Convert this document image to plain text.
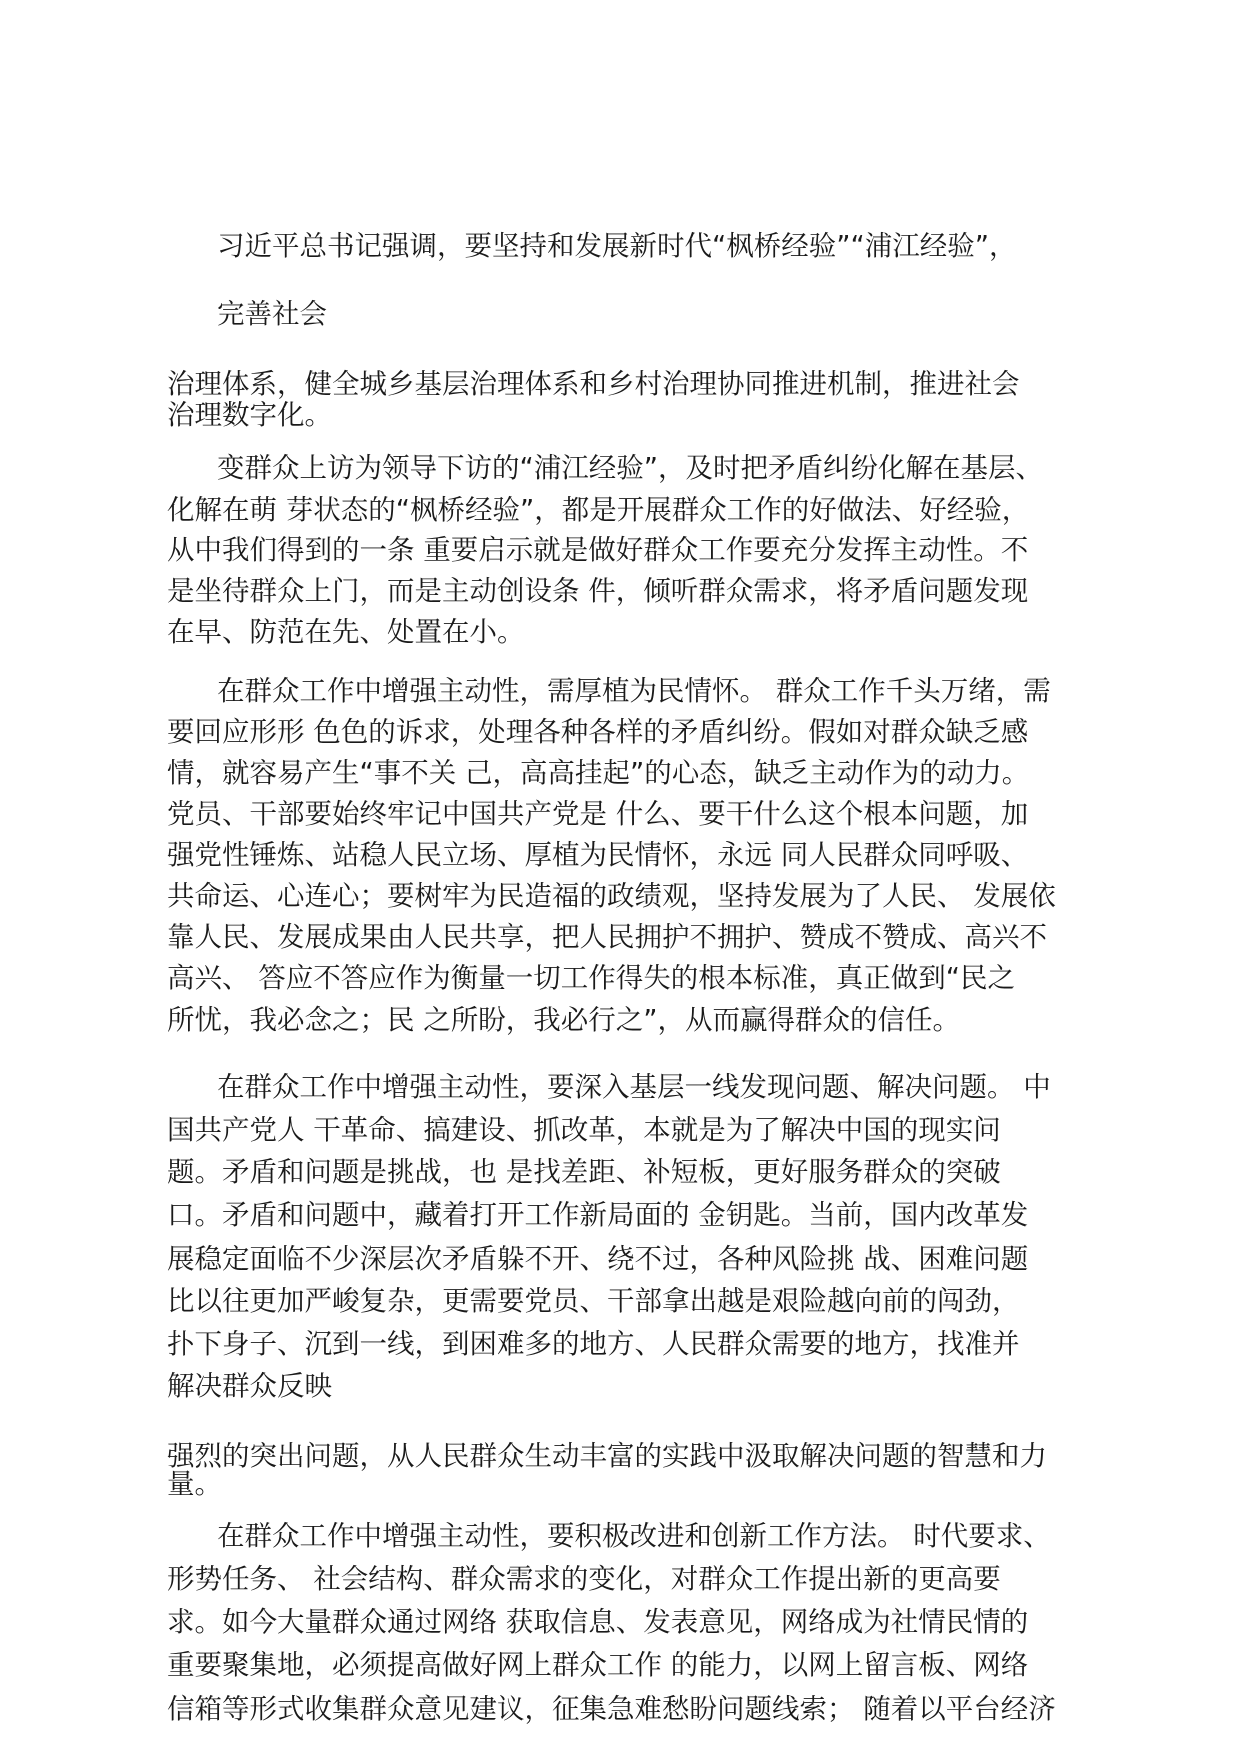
习近平总书记强调，要坚持和发展新时代“枫桥经验”“浦江经验”，
完善社会
治理体系，健全城乡基层治理体系和乡村治理协同推进机制，推进社会
治理数字化。
变群众上访为领导下访的“浦江经验”，及时把矛盾纠纷化解在基层、
化解在萌 芽状态的“枫桥经验”，都是开展群众工作的好做法、好经验，
从中我们得到的一条 重要启示就是做好群众工作要充分发挥主动性。不
是坐待群众上门，而是主动创设条 件，倾听群众需求，将矛盾问题发现
在早、防范在先、处置在小。
在群众工作中增强主动性，需厚植为民情怀。 群众工作千头万绪，需
要回应形形 色色的诉求，处理各种各样的矛盾纠纷。假如对群众缺乏感
情，就容易产生“事不关 己，高高挂起”的心态，缺乏主动作为的动力。
党员、干部要始终牢记中国共产党是 什么、要干什么这个根本问题，加
强党性锤炼、站稳人民立场、厚植为民情怀，永远 同人民群众同呼吸、
共命运、心连心；要树牢为民造福的政绩观，坚持发展为了人民、 发展依
靠人民、发展成果由人民共享，把人民拥护不拥护、赞成不赞成、高兴不
高兴、 答应不答应作为衡量一切工作得失的根本标准，真正做到“民之
所忧，我必念之；民 之所盼，我必行之”，从而赢得群众的信任。
在群众工作中增强主动性，要深入基层一线发现问题、解决问题。 中
国共产党人 干革命、搞建设、抓改革，本就是为了解决中国的现实问
题。矛盾和问题是挑战，也 是找差距、补短板，更好服务群众的突破
口。矛盾和问题中，藏着打开工作新局面的 金钥匙。当前，国内改革发
展稳定面临不少深层次矛盾躲不开、绕不过，各种风险挑 战、困难问题
比以往更加严峻复杂，更需要党员、干部拿出越是艰险越向前的闯劲，
扑下身子、沉到一线，到困难多的地方、人民群众需要的地方，找准并
解决群众反映
强烈的突出问题，从人民群众生动丰富的实践中汲取解决问题的智慧和力
量。
在群众工作中增强主动性，要积极改进和创新工作方法。 时代要求、
形势任务、 社会结构、群众需求的变化，对群众工作提出新的更高要
求。如今大量群众通过网络 获取信息、发表意见，网络成为社情民情的
重要聚集地，必须提高做好网上群众工作 的能力，以网上留言板、网络
信箱等形式收集群众意见建议，征集急难愁盼问题线索； 随着以平台经济
